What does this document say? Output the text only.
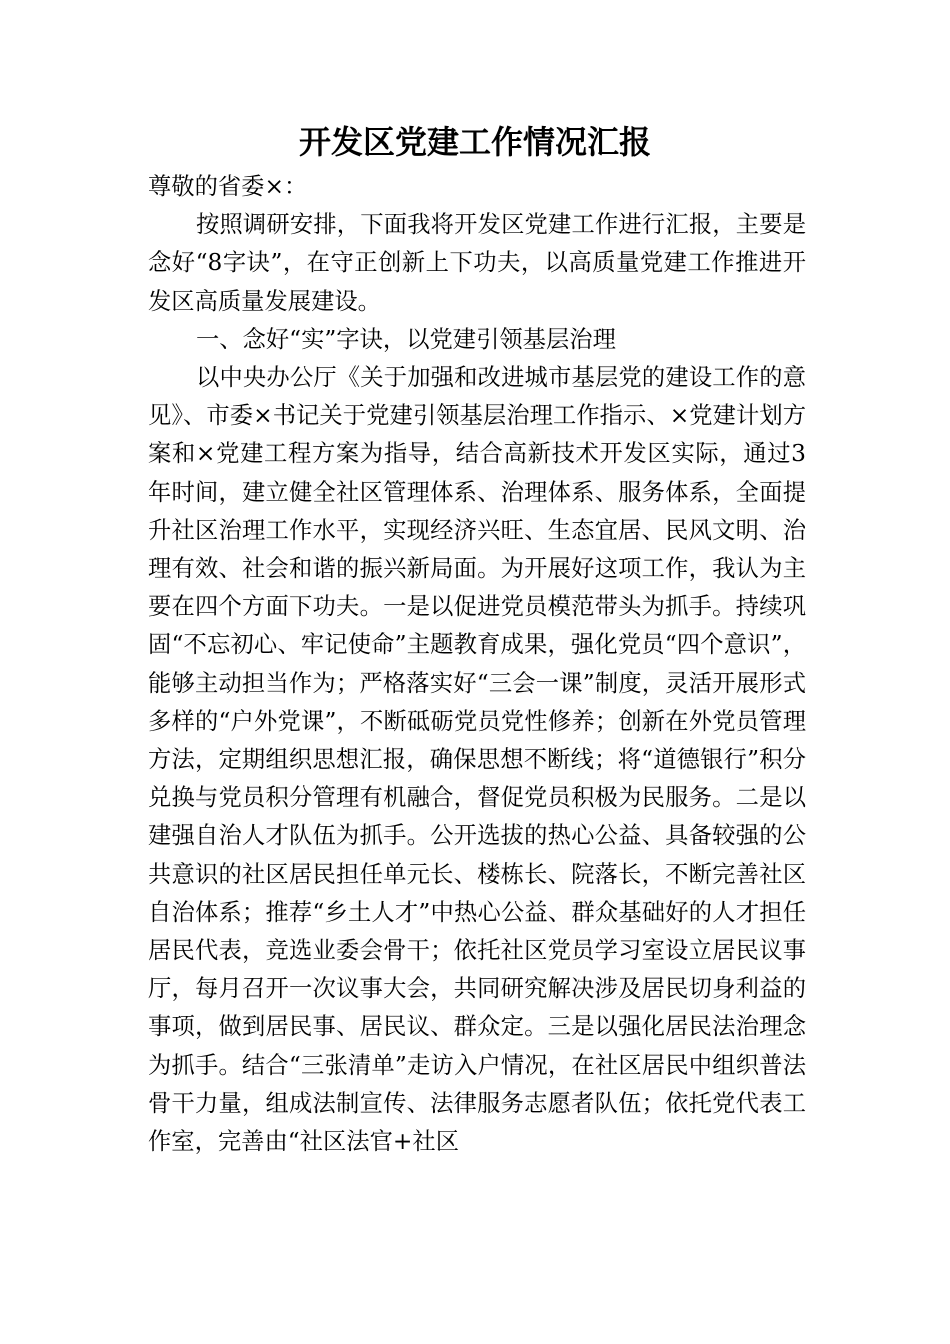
开发区党建工作情况汇报

尊敬的省委×：

按照调研安排，下面我将开发区党建工作进行汇报，主要是念好“8字诀”，在守正创新上下功夫，以高质量党建工作推进开发区高质量发展建设。

一、念好“实”字诀，以党建引领基层治理

以中央办公厅《关于加强和改进城市基层党的建设工作的意见》、市委×书记关于党建引领基层治理工作指示、×党建计划方案和×党建工程方案为指导，结合高新技术开发区实际，通过3年时间，建立健全社区管理体系、治理体系、服务体系，全面提升社区治理工作水平，实现经济兴旺、生态宜居、民风文明、治理有效、社会和谐的振兴新局面。为开展好这项工作，我认为主要在四个方面下功夫。一是以促进党员模范带头为抓手。持续巩固“不忘初心、牢记使命”主题教育成果，强化党员“四个意识”，能够主动担当作为；严格落实好“三会一课”制度，灵活开展形式多样的“户外党课”，不断砥砺党员党性修养；创新在外党员管理方法，定期组织思想汇报，确保思想不断线；将“道德银行”积分兑换与党员积分管理有机融合，督促党员积极为民服务。二是以建强自治人才队伍为抓手。公开选拔的热心公益、具备较强的公共意识的社区居民担任单元长、楼栋长、院落长，不断完善社区自治体系；推荐“乡土人才”中热心公益、群众基础好的人才担任居民代表，竞选业委会骨干；依托社区党员学习室设立居民议事厅，每月召开一次议事大会，共同研究解决涉及居民切身利益的事项，做到居民事、居民议、群众定。三是以强化居民法治理念为抓手。结合“三张清单”走访入户情况，在社区居民中组织普法骨干力量，组成法制宣传、法律服务志愿者队伍；依托党代表工作室，完善由“社区法官+社区
